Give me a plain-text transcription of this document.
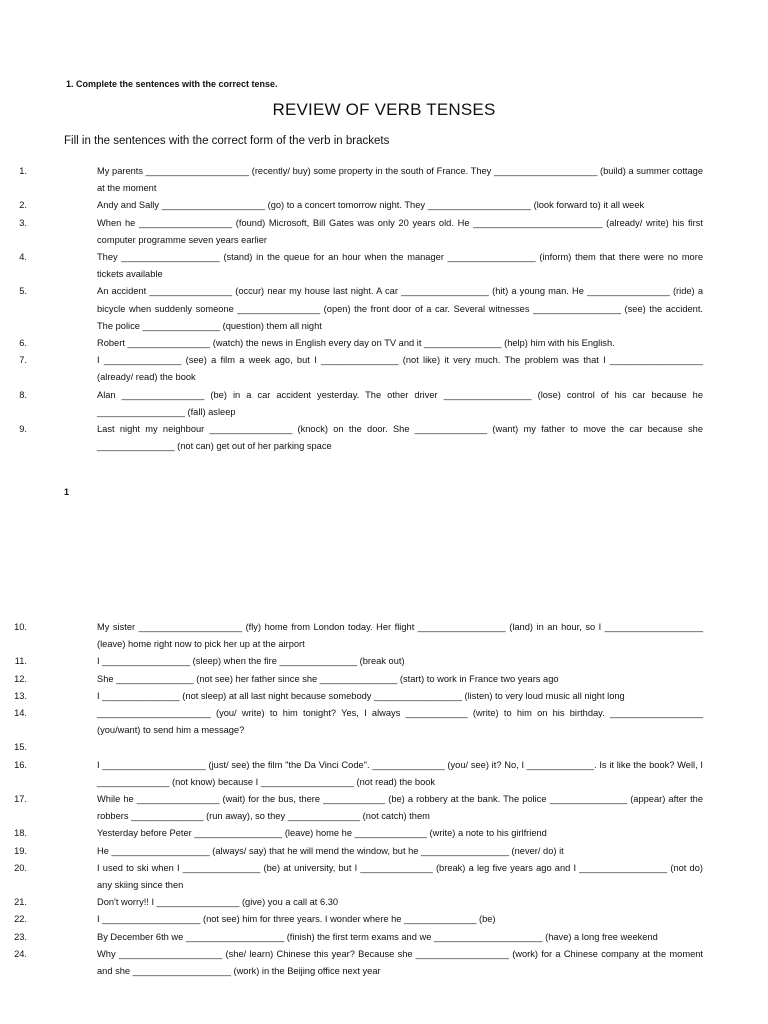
1. Complete the sentences with the correct tense.
REVIEW OF VERB TENSES
Fill in the sentences with the correct form of the verb in brackets
1.	My parents ____________________ (recently/ buy) some property in the south of France. They ____________________ (build) a summer cottage at the moment
2.	Andy and Sally ____________________ (go) to a concert tomorrow night. They ____________________ (look forward to) it all week
3.	When he __________________ (found) Microsoft, Bill Gates was only 20 years old. He _________________________ (already/ write) his first computer programme seven years earlier
4.	They ___________________ (stand) in the queue for an hour when the manager _________________ (inform) them that there were no more tickets available
5.	An accident ________________ (occur) near my house last night. A car _________________ (hit) a young man. He ________________ (ride) a bicycle when suddenly someone ________________ (open) the front door of a car. Several witnesses _________________ (see) the accident. The police _______________ (question) them all night
6.	Robert ________________ (watch) the news in English every day on TV and it _______________ (help) him with his English.
7.	I _______________ (see) a film a week ago, but I _______________ (not like) it very much. The problem was that I __________________ (already/ read) the book
8.	Alan ________________ (be) in a car accident yesterday. The other driver _________________ (lose) control of his car because he _________________ (fall) asleep
9.	Last night my neighbour ________________ (knock) on the door. She ______________ (want) my father to move the car because she _______________ (not can) get out of her parking space
1
10.	My sister ____________________ (fly) home from London today. Her flight _________________ (land) in an hour, so I ___________________ (leave) home right now to pick her up at the airport
11.	I _________________ (sleep) when the fire _______________ (break out)
12.	She _______________ (not see) her father since she _______________ (start) to work in France two years ago
13.	I _______________ (not sleep) at all last night because somebody _________________ (listen) to very loud music all night long
14.	______________________ (you/ write) to him tonight? Yes, I always ____________ (write) to him on his birthday. __________________ (you/want) to send him a message?
15.

16.	I ____________________ (just/ see) the film "the Da Vinci Code". ______________ (you/ see) it? No, I _____________. Is it like the book? Well, I ______________ (not know) because I __________________ (not read) the book
17.	While he ________________ (wait) for the bus, there ____________ (be) a robbery at the bank. The police _______________ (appear) after the robbers ______________ (run away), so they ______________ (not catch) them
18.	Yesterday before Peter _________________ (leave) home he ______________ (write) a note to his girlfriend
19.	He ___________________ (always/ say) that he will mend the window, but he _________________ (never/ do) it
20.	I used to ski when I _______________ (be) at university, but I ______________ (break) a leg five years ago and I _________________ (not do) any skiing since then
21.	Don't worry!! I ________________ (give) you a call at 6.30
22.	I ___________________ (not see) him for three years. I wonder where he ______________ (be)
23.	By December 6th we ___________________ (finish) the first term exams and we _____________________ (have) a long free weekend
24.	Why ____________________ (she/ learn) Chinese this year? Because she __________________ (work) for a Chinese company at the moment and she ___________________ (work) in the Beijing office next year
